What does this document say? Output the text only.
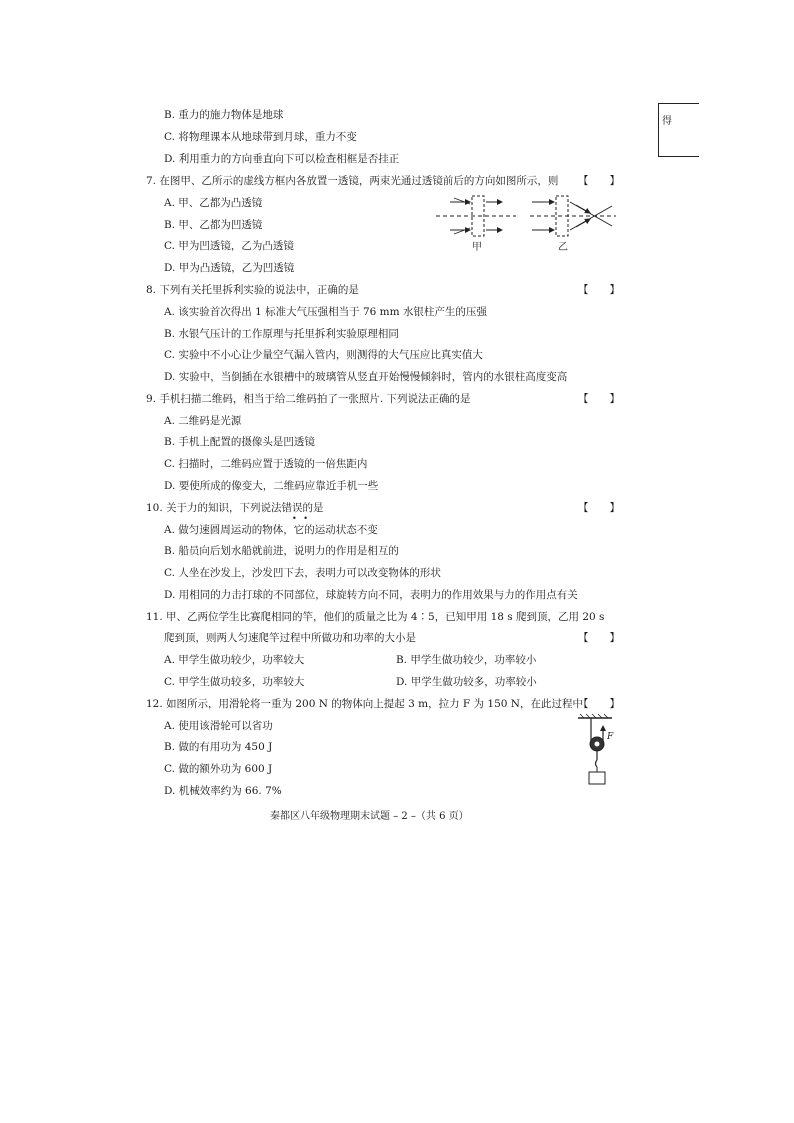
得
B. 重力的施力物体是地球
C. 将物理课本从地球带到月球，重力不变
D. 利用重力的方向垂直向下可以检查相框是否挂正
7. 在图甲、乙所示的虚线方框内各放置一透镜，两束光通过透镜前后的方向如图所示，则 【　　】
A. 甲、乙都为凸透镜
B. 甲、乙都为凹透镜
C. 甲为凹透镜，乙为凸透镜
D. 甲为凸透镜，乙为凹透镜
甲	乙
8. 下列有关托里拆利实验的说法中，正确的是	【　　】
A. 该实验首次得出 1 标准大气压强相当于 76 mm 水银柱产生的压强
B. 水银气压计的工作原理与托里拆利实验原理相同
C. 实验中不小心让少量空气漏入管内，则测得的大气压应比真实值大
D. 实验中，当倒插在水银槽中的玻璃管从竖直开始慢慢倾斜时，管内的水银柱高度变高
9. 手机扫描二维码，相当于给二维码拍了一张照片. 下列说法正确的是	【　　】
A. 二维码是光源
B. 手机上配置的摄像头是凹透镜
C. 扫描时，二维码应置于透镜的一倍焦距内
D. 要使所成的像变大，二维码应靠近手机一些
10. 关于力的知识，下列说法错误的是
• •
【　　】
A. 做匀速圆周运动的物体，它的运动状态不变
B. 船员向后划水船就前进，说明力的作用是相互的
C. 人坐在沙发上，沙发凹下去，表明力可以改变物体的形状
D. 用相同的力击打球的不同部位，球旋转方向不同，表明力的作用效果与力的作用点有关
11. 甲、乙两位学生比赛爬相同的竿，他们的质量之比为 4∶5，已知甲用 18 s 爬到顶，乙用 20 s
爬到顶，则两人匀速爬竿过程中所做功和功率的大小是	【　　】
A. 甲学生做功较少，功率较大	B. 甲学生做功较少，功率较小
C. 甲学生做功较多，功率较大	D. 甲学生做功较多，功率较小
12. 如图所示，用滑轮将一重为 200 N 的物体向上提起 3 m，拉力 F 为 150 N，在此过程中
【　　】
A. 使用该滑轮可以省功
B. 做的有用功为 450 J
C. 做的额外功为 600 J
D. 机械效率约为 66. 7%
F
秦都区八年级物理期末试题 – 2 –（共 6 页）
